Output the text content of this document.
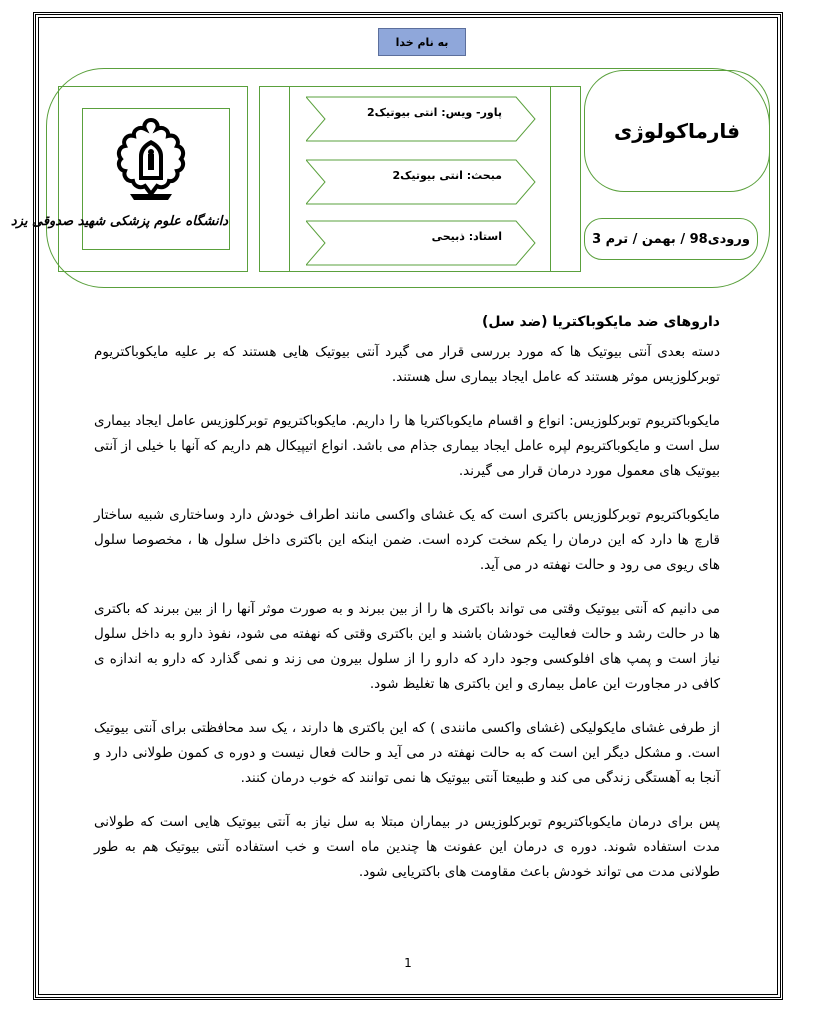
به نام خدا
دانشگاه علوم پزشکی شهید صدوقی یزد
پاور- ویس: انتی بیوتیک2
مبحث: انتی بیوتیک2
استاد: ذبیحی
فارماکولوژی
ورودی98 / بهمن / ترم 3
داروهای ضد مایکوباکتریا (ضد سل)

دسته بعدی آنتی بیوتیک ها که مورد بررسی قرار می گیرد آنتی بیوتیک هایی هستند که بر علیه مایکوباکتریوم توبرکلوزیس موثر هستند که عامل ایجاد بیماری سل هستند.

مایکوباکتریوم توبرکلوزیس: انواع و اقسام مایکوباکتریا ها را داریم. مایکوباکتریوم توبرکلوزیس عامل ایجاد بیماری سل است و مایکوباکتریوم لپره عامل ایجاد بیماری جذام می باشد. انواع اتیپیکال هم داریم که آنها با خیلی از آنتی بیوتیک های معمول مورد درمان قرار می گیرند.

مایکوباکتریوم توبرکلوزیس باکتری است که یک غشای واکسی مانند اطراف خودش دارد وساختاری شبیه ساختار قارچ ها دارد که این درمان را یکم سخت کرده است. ضمن اینکه این باکتری داخل سلول ها ، مخصوصا سلول های ریوی می رود و حالت نهفته در می آید.

می دانیم که آنتی بیوتیک وقتی می تواند باکتری ها را از بین ببرند و به صورت موثر آنها را از بین ببرند که باکتری ها در حالت رشد و حالت فعالیت خودشان باشند و این باکتری وقتی که نهفته می شود، نفوذ دارو به داخل سلول نیاز است و پمپ های افلوکسی وجود دارد که دارو را از سلول بیرون می زند و نمی گذارد که دارو به اندازه ی کافی در مجاورت این عامل بیماری و این باکتری ها تغلیظ شود.

از طرفی غشای مایکولیکی (غشای واکسی مانندی ) که این باکتری ها دارند ، یک سد محافظتی برای آنتی بیوتیک است. و مشکل دیگر این است که به حالت نهفته در می آید و حالت فعال نیست و دوره ی کمون طولانی دارد و آنجا به آهستگی زندگی می کند و طبیعتا آنتی بیوتیک ها نمی توانند که خوب درمان کنند.

پس برای درمان مایکوباکتریوم توبرکلوزیس در بیماران مبتلا به سل نیاز به آنتی بیوتیک هایی است که طولانی مدت استفاده شوند. دوره ی درمان این عفونت ها چندین ماه است و خب استفاده آنتی بیوتیک هم به طور طولانی مدت می تواند خودش باعث مقاومت های باکتریایی شود.

1
